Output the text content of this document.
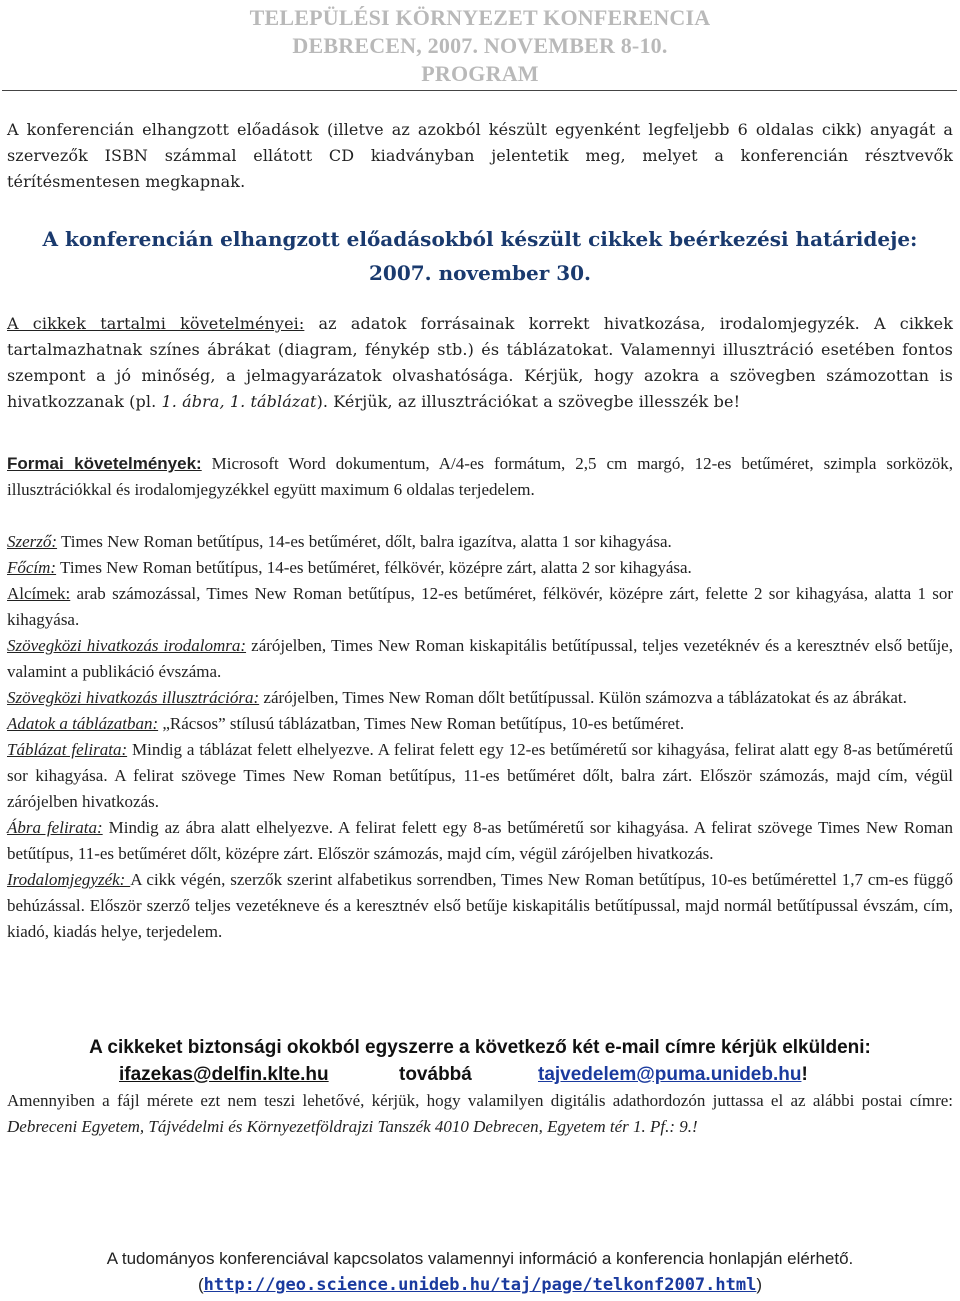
TELEPÜLÉSI KÖRNYEZET KONFERENCIA
DEBRECEN, 2007. NOVEMBER 8-10.
PROGRAM
A konferencián elhangzott előadások (illetve az azokból készült egyenként legfeljebb 6 oldalas cikk) anyagát a szervezők ISBN számmal ellátott CD kiadványban jelentetik meg, melyet a konferencián résztvevők térítésmentesen megkapnak.
A konferencián elhangzott előadásokból készült cikkek beérkezési határideje:
2007. november 30.
A cikkek tartalmi követelményei: az adatok forrásainak korrekt hivatkozása, irodalomjegyzék. A cikkek tartalmazhatnak színes ábrákat (diagram, fénykép stb.) és táblázatokat. Valamennyi illusztráció esetében fontos szempont a jó minőség, a jelmagyarázatok olvashatósága. Kérjük, hogy azokra a szövegben számozottan is hivatkozzanak (pl. 1. ábra, 1. táblázat). Kérjük, az illusztrációkat a szövegbe illesszék be!
Formai követelmények: Microsoft Word dokumentum, A/4-es formátum, 2,5 cm margó, 12-es betűméret, szimpla sorközök, illusztrációkkal és irodalomjegyzékkel együtt maximum 6 oldalas terjedelem.

Szerző: Times New Roman betűtípus, 14-es betűméret, dőlt, balra igazítva, alatta 1 sor kihagyása.

Főcím: Times New Roman betűtípus, 14-es betűméret, félkövér, középre zárt, alatta 2 sor kihagyása.

Alcímek: arab számozással, Times New Roman betűtípus, 12-es betűméret, félkövér, középre zárt, felette 2 sor kihagyása, alatta 1 sor kihagyása.

Szövegközi hivatkozás irodalomra: zárójelben, Times New Roman kiskapitális betűtípussal, teljes vezetéknév és a keresztnév első betűje, valamint a publikáció évszáma.

Szövegközi hivatkozás illusztrációra: zárójelben, Times New Roman dőlt betűtípussal. Külön számozva a táblázatokat és az ábrákat.

Adatok a táblázatban: „Rácsos” stílusú táblázatban, Times New Roman betűtípus, 10-es betűméret.

Táblázat felirata: Mindig a táblázat felett elhelyezve. A felirat felett egy 12-es betűméretű sor kihagyása, felirat alatt egy 8-as betűméretű sor kihagyása. A felirat szövege Times New Roman betűtípus, 11-es betűméret dőlt, balra zárt. Először számozás, majd cím, végül zárójelben hivatkozás.

Ábra felirata: Mindig az ábra alatt elhelyezve. A felirat felett egy 8-as betűméretű sor kihagyása. A felirat szövege Times New Roman betűtípus, 11-es betűméret dőlt, középre zárt. Először számozás, majd cím, végül zárójelben hivatkozás.

Irodalomjegyzék: A cikk végén, szerzők szerint alfabetikus sorrendben, Times New Roman betűtípus, 10-es betűmérettel 1,7 cm-es függő behúzással. Először szerző teljes vezetékneve és a keresztnév első betűje kiskapitális betűtípussal, majd normál betűtípussal évszám, cím, kiadó, kiadás helye, terjedelem.

A cikkeket biztonsági okokból egyszerre a következő két e-mail címre kérjük elküldeni:
ifazekas@delfin.klte.hu	továbbá	tajvedelem@puma.unideb.hu!
Amennyiben a fájl mérete ezt nem teszi lehetővé, kérjük, hogy valamilyen digitális adathordozón juttassa el az alábbi postai címre: Debreceni Egyetem, Tájvédelmi és Környezetföldrajzi Tanszék 4010 Debrecen, Egyetem tér 1. Pf.: 9.!
A tudományos konferenciával kapcsolatos valamennyi információ a konferencia honlapján elérhető.
(http://geo.science.unideb.hu/taj/page/telkonf2007.html)
